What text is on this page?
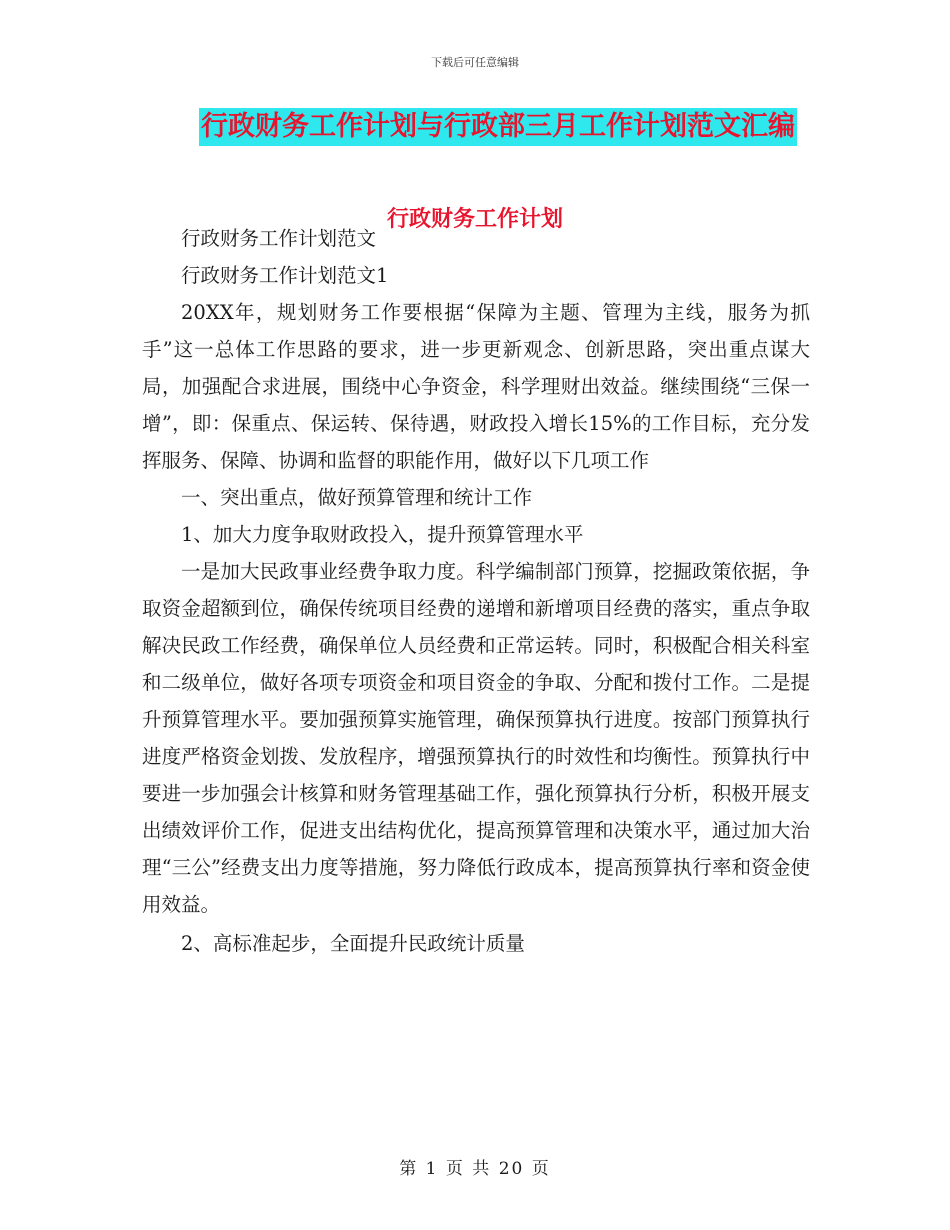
下载后可任意编辑
行政财务工作计划与行政部三月工作计划范文汇编
行政财务工作计划

行政财务工作计划范文

行政财务工作计划范文1

20XX年，规划财务工作要根据“保障为主题、管理为主线，服务为抓手”这一总体工作思路的要求，进一步更新观念、创新思路，突出重点谋大局，加强配合求进展，围绕中心争资金，科学理财出效益。继续围绕“三保一增”，即：保重点、保运转、保待遇，财政投入增长15%的工作目标，充分发挥服务、保障、协调和监督的职能作用，做好以下几项工作

一、突出重点，做好预算管理和统计工作

1、加大力度争取财政投入，提升预算管理水平

一是加大民政事业经费争取力度。科学编制部门预算，挖掘政策依据，争取资金超额到位，确保传统项目经费的递增和新增项目经费的落实，重点争取解决民政工作经费，确保单位人员经费和正常运转。同时，积极配合相关科室和二级单位，做好各项专项资金和项目资金的争取、分配和拨付工作。二是提升预算管理水平。要加强预算实施管理，确保预算执行进度。按部门预算执行进度严格资金划拨、发放程序，增强预算执行的时效性和均衡性。预算执行中要进一步加强会计核算和财务管理基础工作，强化预算执行分析，积极开展支出绩效评价工作，促进支出结构优化，提高预算管理和决策水平，通过加大治理“三公”经费支出力度等措施，努力降低行政成本，提高预算执行率和资金使用效益。

2、高标准起步，全面提升民政统计质量

第 1 页 共 20 页
